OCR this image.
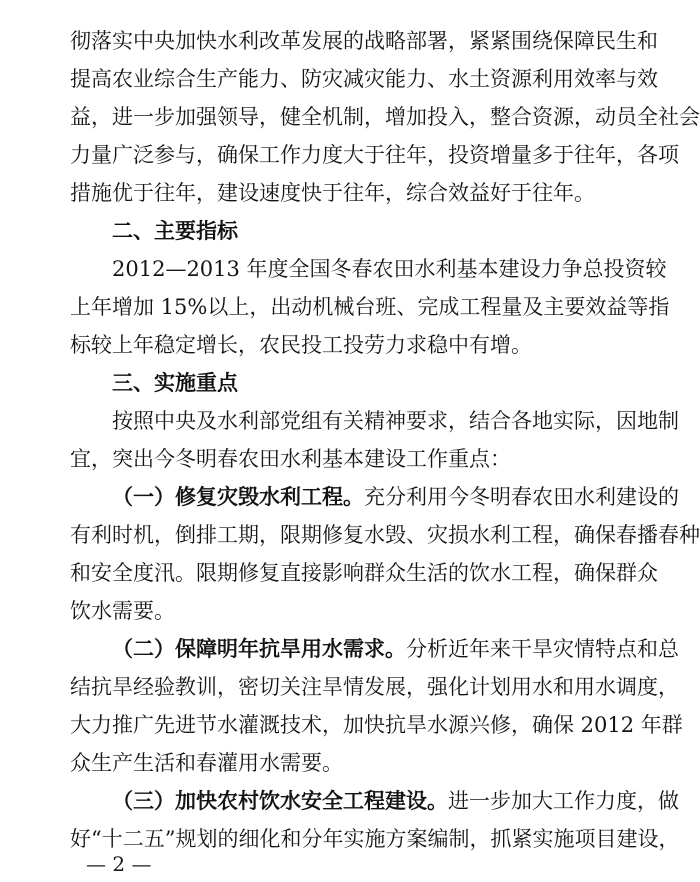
彻落实中央加快水利改革发展的战略部署，紧紧围绕保障民生和
提高农业综合生产能力、防灾减灾能力、水土资源利用效率与效
益，进一步加强领导，健全机制，增加投入，整合资源，动员全社会
力量广泛参与，确保工作力度大于往年，投资增量多于往年，各项
措施优于往年，建设速度快于往年，综合效益好于往年。
二、主要指标
2012—2013 年度全国冬春农田水利基本建设力争总投资较
上年增加 15%以上，出动机械台班、完成工程量及主要效益等指
标较上年稳定增长，农民投工投劳力求稳中有增。
三、实施重点
按照中央及水利部党组有关精神要求，结合各地实际，因地制
宜，突出今冬明春农田水利基本建设工作重点：
（一）修复灾毁水利工程。充分利用今冬明春农田水利建设的
有利时机，倒排工期，限期修复水毁、灾损水利工程，确保春播春种
和安全度汛。限期修复直接影响群众生活的饮水工程，确保群众
饮水需要。
（二）保障明年抗旱用水需求。分析近年来干旱灾情特点和总
结抗旱经验教训，密切关注旱情发展，强化计划用水和用水调度，
大力推广先进节水灌溉技术，加快抗旱水源兴修，确保 2012 年群
众生产生活和春灌用水需要。
（三）加快农村饮水安全工程建设。进一步加大工作力度，做
好“十二五”规划的细化和分年实施方案编制，抓紧实施项目建设，
— 2 —
